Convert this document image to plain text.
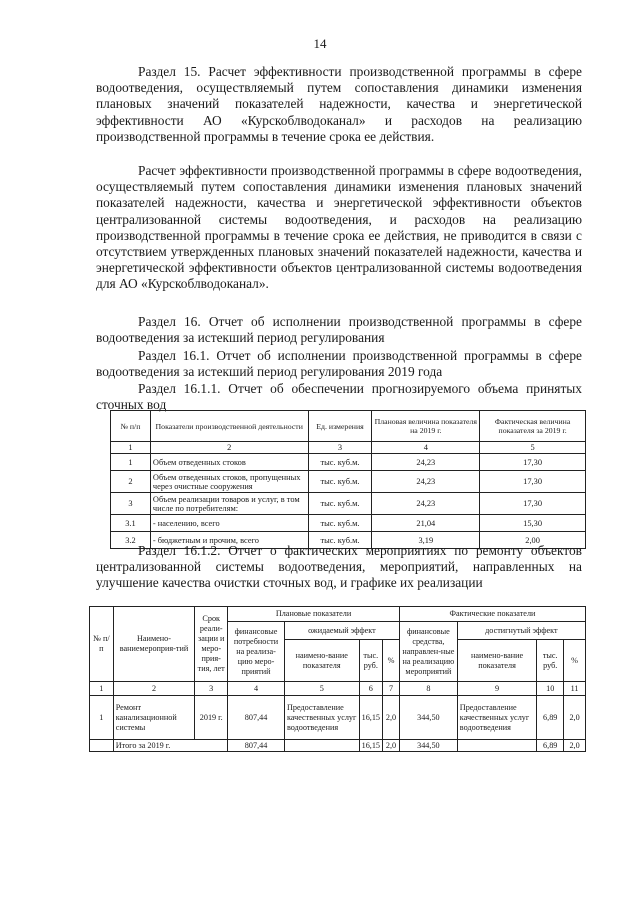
14

Раздел 15. Расчет эффективности производственной программы в сфере водоотведения, осуществляемый путем сопоставления динамики изменения плановых значений показателей надежности, качества и энергетической эффективности АО «Курскоблводоканал» и расходов на реализацию производственной программы в течение срока ее действия.

Расчет эффективности производственной программы в сфере водоотведения, осуществляемый путем сопоставления динамики изменения плановых значений показателей надежности, качества и энергетической эффективности объектов централизованной системы водоотведения, и расходов на реализацию производственной программы в течение срока ее действия, не приводится в связи с отсутствием утвержденных плановых значений показателей надежности, качества и энергетической эффективности объектов централизованной системы водоотведения для АО «Курскоблводоканал».

Раздел 16. Отчет об исполнении производственной программы в сфере водоотведения за истекший период регулирования

Раздел 16.1. Отчет об исполнении производственной программы в сфере водоотведения за истекший период регулирования 2019 года

Раздел 16.1.1. Отчет об обеспечении прогнозируемого объема принятых сточных вод

№ п/п	Показатели производственной деятельности	Ед. измерения	Плановая величина показателя на 2019 г.	Фактическая величина показателя за 2019 г.
1	2	3	4	5
1	Объем отведенных стоков	тыс. куб.м.	24,23	17,30
2	Объем отведенных стоков, пропущенных через очистные сооружения	тыс. куб.м.	24,23	17,30
3	Объем реализации товаров и услуг, в том числе по потребителям:	тыс. куб.м.	24,23	17,30
3.1	- населению, всего	тыс. куб.м.	21,04	15,30
3.2	- бюджетным и прочим, всего	тыс. куб.м.	3,19	2,00

Раздел 16.1.2. Отчет о фактических мероприятиях по ремонту объектов централизованной системы водоотведения, мероприятий, направленных на улучшение качества очистки сточных вод, и графике их реализации

№ п/п	Наимено-ваниемероприя-тий	Срок реали-зации и меро-прия-тия, лет	Плановые показатели				Фактические показатели			
			финансовые потребности на реализа-цию меро-приятий	ожидаемый эффект			финансовые средства, направлен-ные на реализацию мероприятий	достигнутый эффект		
				наимено-вание показателя	тыс. руб.	%		наимено-вание показателя	тыс. руб.	%
1	2	3	4	5	6	7	8	9	10	11
1	Ремонт канализационной системы	2019 г.	807,44	Предоставление качественных услуг водоотведения	16,15	2,0	344,50	Предоставление качественных услуг водоотведения	6,89	2,0
	Итого за 2019 г.		807,44		16,15	2,0	344,50		6,89	2,0
